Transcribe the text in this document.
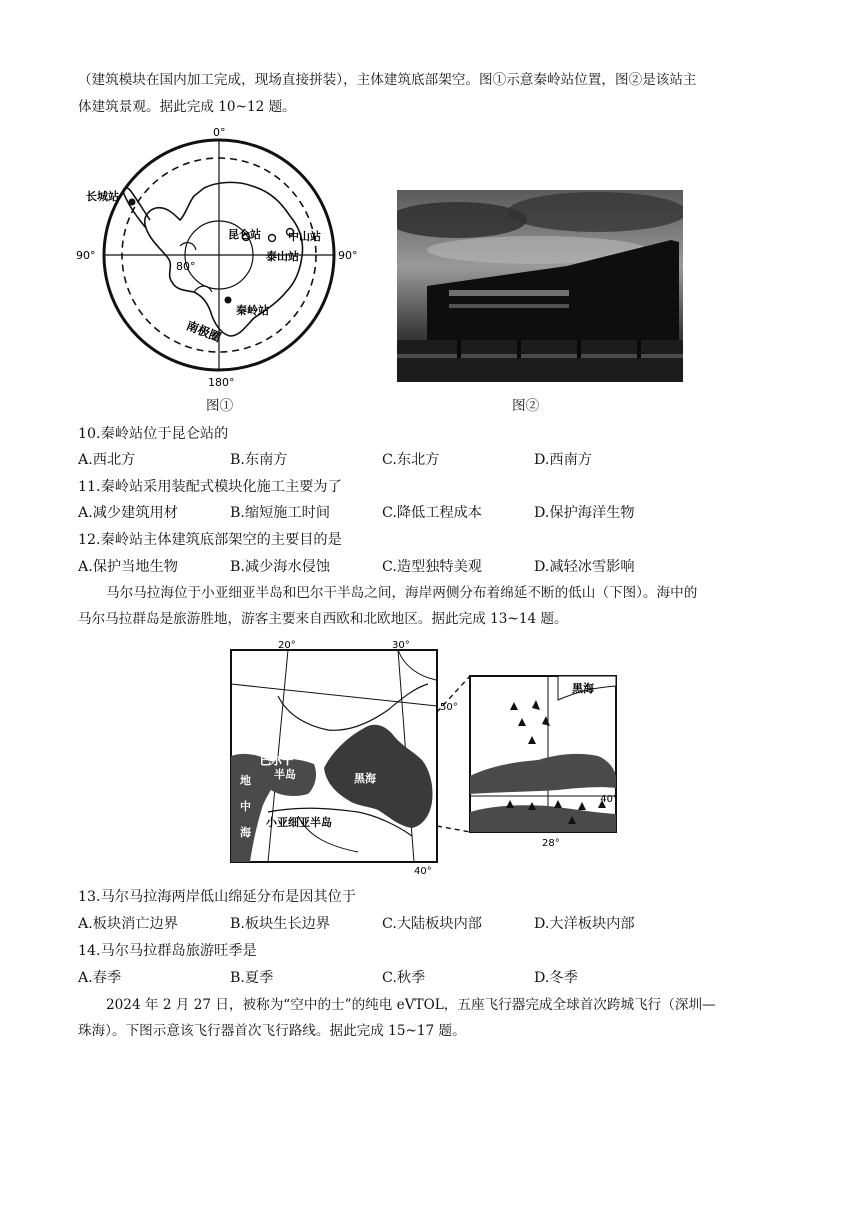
（建筑模块在国内加工完成，现场直接拼装），主体建筑底部架空。图①示意秦岭站位置，图②是该站主
体建筑景观。据此完成 10~12 题。
0°
180°
90°	90°
80°
长城站
昆仑站 中山站
泰山站
秦岭站
南极圈
图①	图②
10.秦岭站位于昆仑站的
A.西北方	B.东南方	C.东北方	D.西南方
11.秦岭站采用装配式模块化施工主要为了
A.减少建筑用材	B.缩短施工时间	C.降低工程成本	D.保护海洋生物
12.秦岭站主体建筑底部架空的主要目的是
A.保护当地生物	B.减少海水侵蚀	C.造型独特美观	D.减轻冰雪影响
马尔马拉海位于小亚细亚半岛和巴尔干半岛之间，海岸两侧分布着绵延不断的低山（下图）。海中的
马尔马拉群岛是旅游胜地，游客主要来自西欧和北欧地区。据此完成 13~14 题。
20°	30°
50°
40°
巴尔干
半岛	黑海
小亚细亚半岛
地
中
海
黑海
40°
28°
13.马尔马拉海两岸低山绵延分布是因其位于
A.板块消亡边界	B.板块生长边界	C.大陆板块内部	D.大洋板块内部
14.马尔马拉群岛旅游旺季是
A.春季	B.夏季	C.秋季	D.冬季
2024 年 2 月 27 日，被称为“空中的士”的纯电 eVTOL，五座飞行器完成全球首次跨城飞行（深圳—
珠海）。下图示意该飞行器首次飞行路线。据此完成 15~17 题。
